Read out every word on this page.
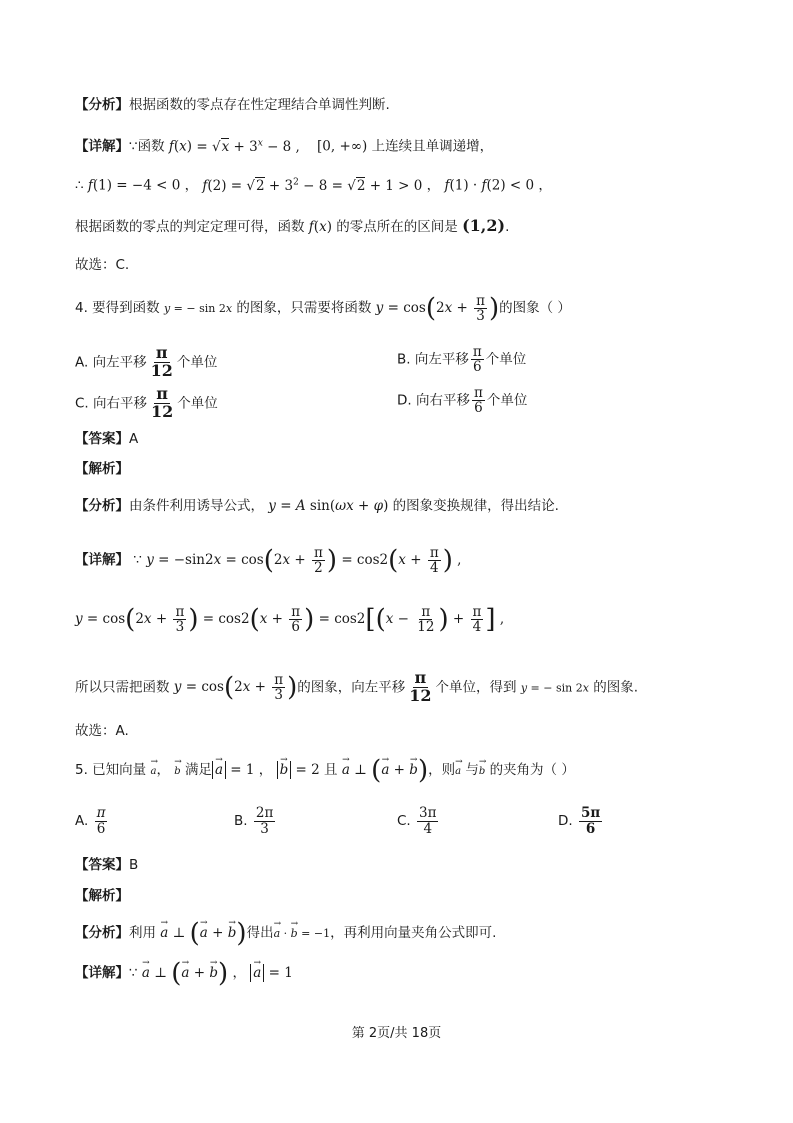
【分析】根据函数的零点存在性定理结合单调性判断.
【详解】∵函数 $f(x) = √x + 3^x - 8$ , [0, +∞) 上连续且单调递增，
∴ f(1) = −4 < 0 ， $f(2) = √2 + 3^2 - 8 = √2 + 1 > 0$ ， f(1) · f(2) < 0 ，
根据函数的零点的判定定理可得，函数 f(x) 的零点所在的区间是 (1,2).
故选：C.
4. 要得到函数 y = − sin 2x 的图象，只需要将函数 $y = \cos(2x + \frac{\pi}{3}$ )的图象（ ）
A. 向左平移 $\frac{\pi}{12}$ 个单位	B. 向左平移 $\frac{\pi}{6}$ 个单位
C. 向右平移 $\frac{\pi}{12}$ 个单位	D. 向右平移 $\frac{\pi}{6}$ 个单位
【答案】A
【解析】
【分析】由条件利用诱导公式， y = A sin(ωx + φ) 的图象变换规律，得出结论.
【详解】 ∵ $y = -\sin 2x = \cos(2x + \frac{\pi}{2}$ ) = $\cos 2(x + \frac{\pi}{4}$ ) ,
$y = \cos(2x + \frac{\pi}{3}$ ) = $\cos 2(x + \frac{\pi}{6}$ ) = $\cos 2[(x - \frac{\pi}{12}$ ) + $\frac{\pi}{4}$ ] ,
所以只需把函数 $y = \cos(2x + \frac{\pi}{3}$ )的图象，向左平移 $\frac{\pi}{12}$ 个单位，得到 y = − sin 2x 的图象.
故选：A.
5. 已知向量 → a， → b 满足 → a = 1 ， → b = 2 且 → a ⊥ (→ a + → b)，则→ a 与→ b 的夹角为（ ）
A. $\frac{\pi}{6}$	B. $\frac{2\pi}{3}$	C. $\frac{3\pi}{4}$	D. $\frac{5\pi}{6}$
【答案】B
【解析】
【分析】利用 → a ⊥ (→ a + → b)得出→ a · → b = −1，再利用向量夹角公式即可.
【详解】∵ → a ⊥ (→ a + → b) ， → a = 1
第 2页/共 18页
